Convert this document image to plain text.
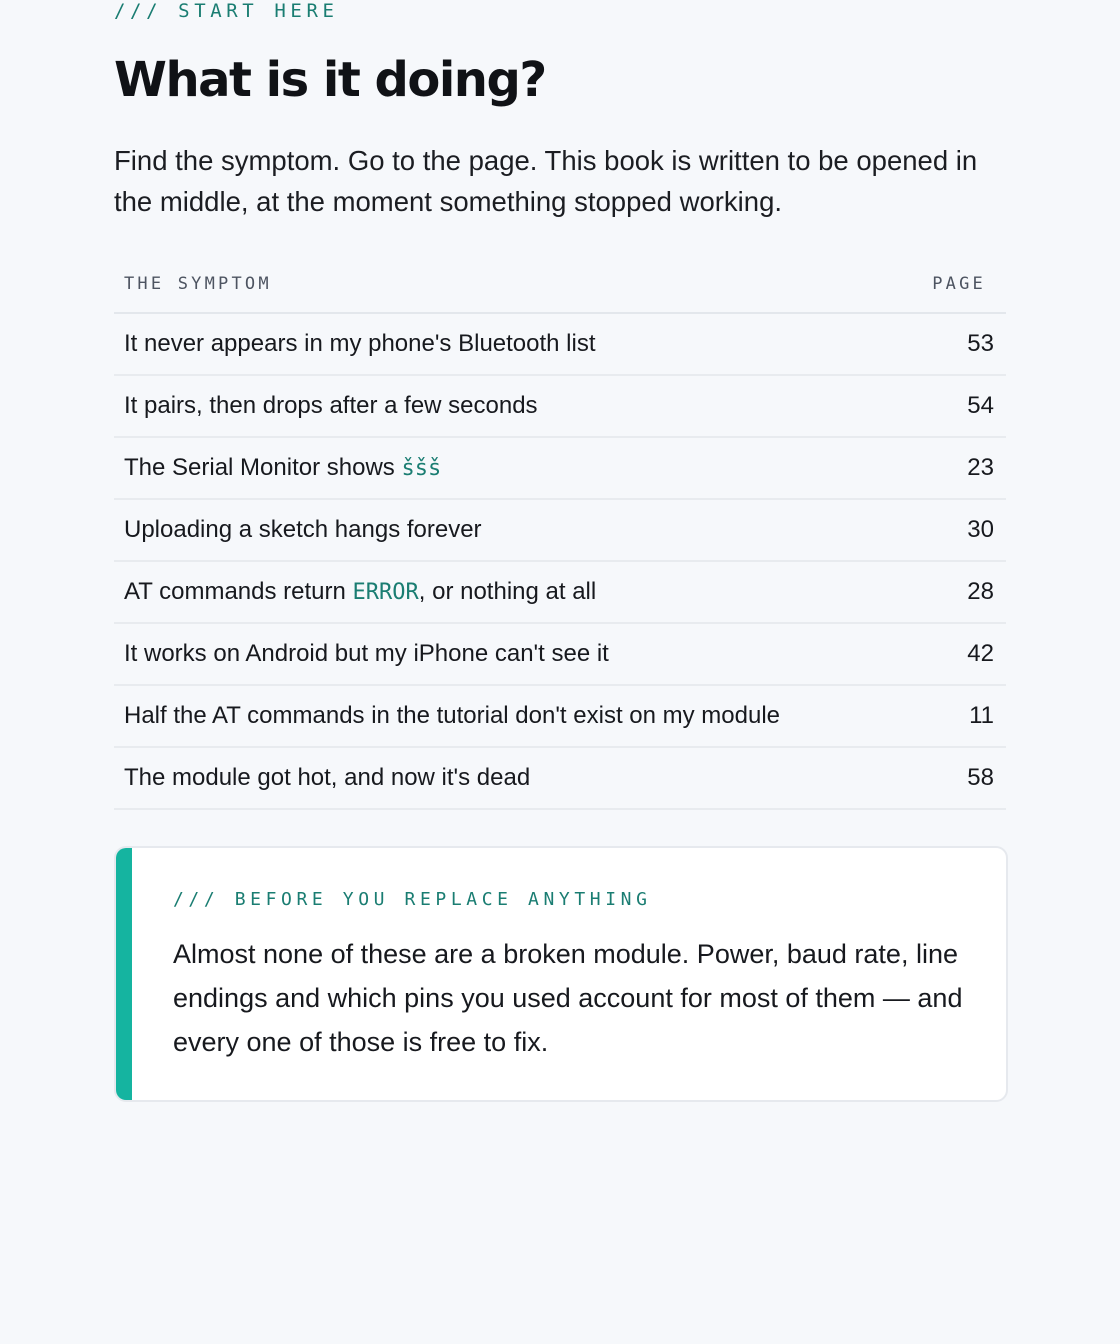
/// START HERE
What is it doing?

Find the symptom. Go to the page. This book is written to be opened in the middle, at the moment something stopped working.

THE SYMPTOM	PAGE
It never appears in my phone's Bluetooth list	53
It pairs, then drops after a few seconds	54
The Serial Monitor shows ššš	23
Uploading a sketch hangs forever	30
AT commands return ERROR, or nothing at all	28
It works on Android but my iPhone can't see it	42
Half the AT commands in the tutorial don't exist on my module	11
The module got hot, and now it's dead	58
/// BEFORE YOU REPLACE ANYTHING

Almost none of these are a broken module. Power, baud rate, line endings and which pins you used account for most of them — and every one of those is free to fix.
